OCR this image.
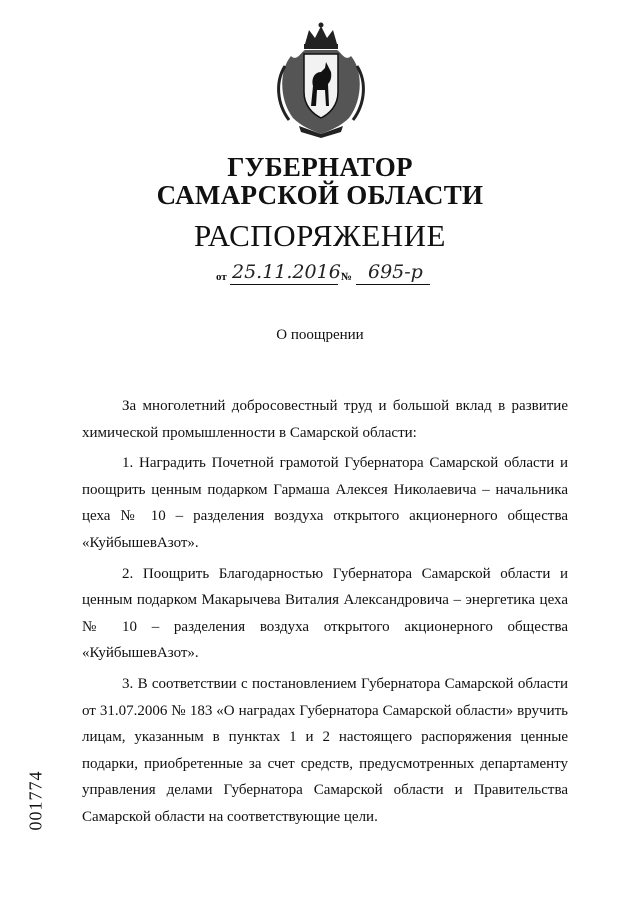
ГУБЕРНАТОР
САМАРСКОЙ ОБЛАСТИ
РАСПОРЯЖЕНИЕ
от 25.11.2016 № 695-р
О поощрении

За многолетний добросовестный труд и большой вклад в развитие химической промышленности в Самарской области:

1. Наградить Почетной грамотой Губернатора Самарской области и поощрить ценным подарком Гармаша Алексея Николаевича – начальника цеха № 10 – разделения воздуха открытого акционерного общества «КуйбышевАзот».

2. Поощрить Благодарностью Губернатора Самарской области и ценным подарком Макарычева Виталия Александровича – энергетика цеха № 10 – разделения воздуха открытого акционерного общества «КуйбышевАзот».

3. В соответствии с постановлением Губернатора Самарской области от 31.07.2006 № 183 «О наградах Губернатора Самарской области» вручить лицам, указанным в пунктах 1 и 2 настоящего распоряжения ценные подарки, приобретенные за счет средств, предусмотренных департаменту управления делами Губернатора Самарской области и Правительства Самарской области на соответствующие цели.

001774
